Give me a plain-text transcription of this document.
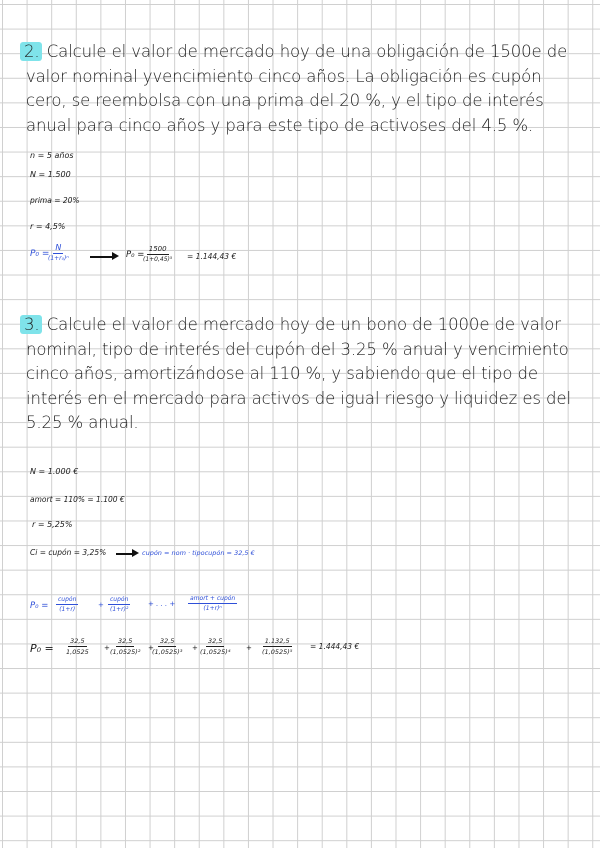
2. Calcule el valor de mercado hoy de una obligación de 1500e de valor nominal yvencimiento cinco años. La obligación es cupón cero, se reembolsa con una prima del 20 %, y el tipo de interés anual para cinco años y para este tipo de activoses del 4.5 %.
n = 5 años
N = 1.500
prima = 20%
r = 4,5%
P₀ =
N
(1+r₀)ⁿ	P₀ =
$\frac{1500}{\text{(1+0,45)⁵}} = 1.144,43$ €
3. Calcule el valor de mercado hoy de un bono de 1000e de valor nominal, tipo de interés del cupón del 3.25 % anual y vencimiento cinco años, amortizándose al 110 %, y sabiendo que el tipo de interés en el mercado para activos de igual riesgo y liquidez es del 5.25 % anual.
N = 1.000 €
amort = 110% = 1.100 €
r = 5,25%
Ci = cupón = 3,25%	cupón = nom · tipocupón = 32,5 €
P₀ =
cupón
(1+r)
+
cupón
(1+r)²
+ . . . +
amort + cupón
(1+r)ⁿ
$P_0 = \frac{32,5}{1,0525} + \frac{32,5}{\text{(1,0525)²}}$ +
$\frac{32,5}{\text{(1,0525)³}} + \frac{32,5}{\text{(1,0525)⁴}} + \frac{1.132,5}{\text{(1,0525)⁵}} = 1.444,43$ €
